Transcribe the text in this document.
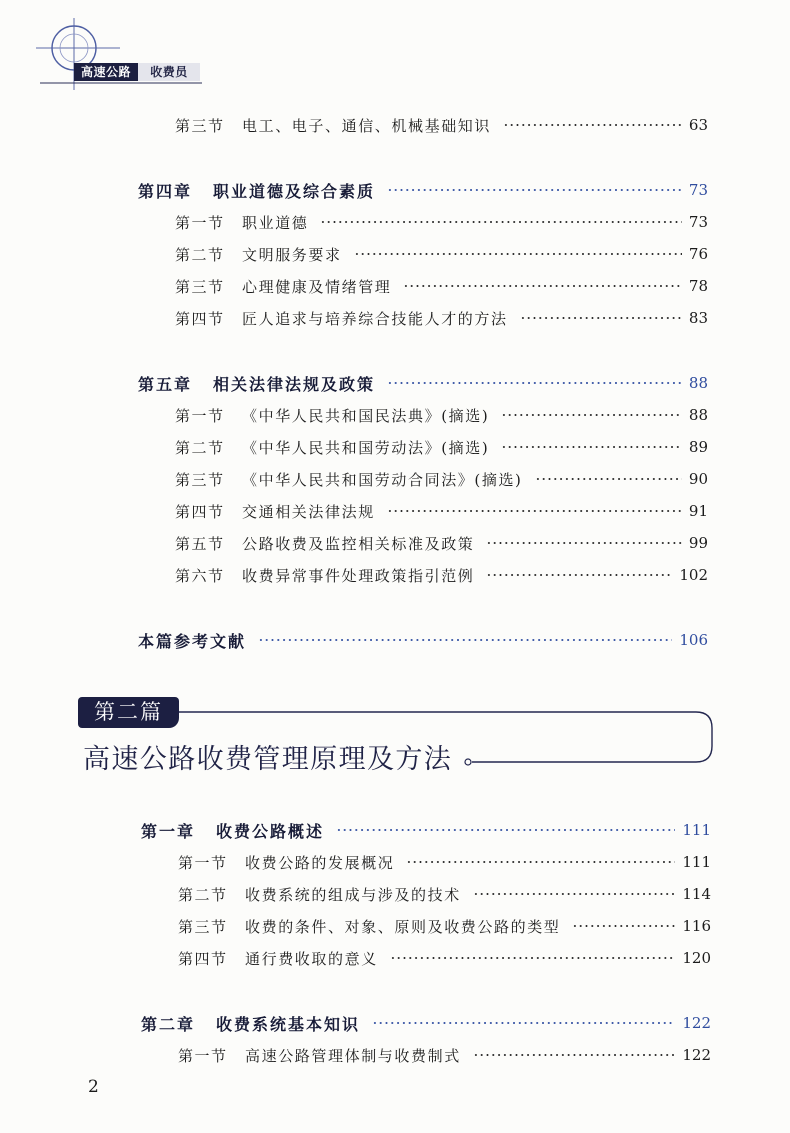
高速公路	收费员
第三节	电工、电子、通信、机械基础知识	63
第四章	职业道德及综合素质	73
第一节	职业道德	73
第二节	文明服务要求	76
第三节	心理健康及情绪管理	78
第四节	匠人追求与培养综合技能人才的方法	83
第五章	相关法律法规及政策	88
第一节	《中华人民共和国民法典》(摘选)	88
第二节	《中华人民共和国劳动法》(摘选)	89
第三节	《中华人民共和国劳动合同法》(摘选)	90
第四节	交通相关法律法规	91
第五节	公路收费及监控相关标准及政策	99
第六节	收费异常事件处理政策指引范例	102
本篇参考文献	106
第二篇
高速公路收费管理原理及方法
第一章	收费公路概述	111
第一节	收费公路的发展概况	111
第二节	收费系统的组成与涉及的技术	114
第三节	收费的条件、对象、原则及收费公路的类型	116
第四节	通行费收取的意义	120
第二章	收费系统基本知识	122
第一节	高速公路管理体制与收费制式	122
2
